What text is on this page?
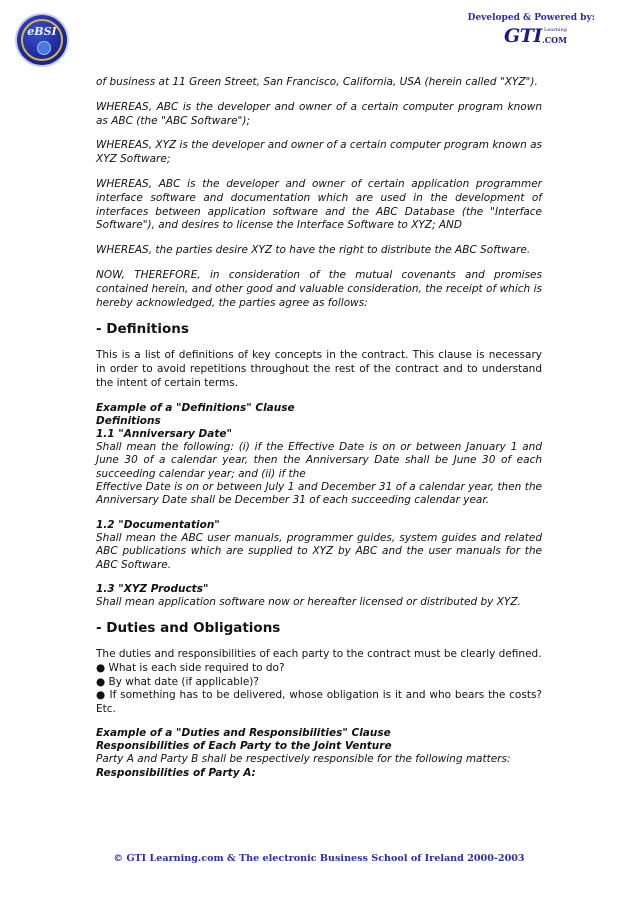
eBSI
Developed & Powered by:
GTI Learning
.COM

of business at 11 Green Street, San Francisco, California, USA (herein called "XYZ").

WHEREAS, ABC is the developer and owner of a certain computer program known as ABC (the "ABC Software");

WHEREAS, XYZ is the developer and owner of a certain computer program known as XYZ Software;

WHEREAS, ABC is the developer and owner of certain application programmer interface software and documentation which are used in the development of interfaces between application software and the ABC Database (the "Interface Software"), and desires to license the Interface Software to XYZ; AND

WHEREAS, the parties desire XYZ to have the right to distribute the ABC Software.

NOW, THEREFORE, in consideration of the mutual covenants and promises contained herein, and other good and valuable consideration, the receipt of which is hereby acknowledged, the parties agree as follows:

- Definitions

This is a list of definitions of key concepts in the contract. This clause is necessary in order to avoid repetitions throughout the rest of the contract and to understand the intent of certain terms.

Example of a "Definitions" Clause

Definitions

1.1 "Anniversary Date"

Shall mean the following: (i) if the Effective Date is on or between January 1 and June 30 of a calendar year, then the Anniversary Date shall be June 30 of each succeeding calendar year; and (ii) if the

Effective Date is on or between July 1 and December 31 of a calendar year, then the Anniversary Date shall be December 31 of each succeeding calendar year.

1.2 "Documentation"

Shall mean the ABC user manuals, programmer guides, system guides and related ABC publications which are supplied to XYZ by ABC and the user manuals for the ABC Software.

1.3 "XYZ Products"

Shall mean application software now or hereafter licensed or distributed by XYZ.

- Duties and Obligations

The duties and responsibilities of each party to the contract must be clearly defined.

● What is each side required to do?

● By what date (if applicable)?

● If something has to be delivered, whose obligation is it and who bears the costs? Etc.

Example of a "Duties and Responsibilities" Clause

Responsibilities of Each Party to the Joint Venture

Party A and Party B shall be respectively responsible for the following matters:

Responsibilities of Party A:

© GTI Learning.com & The electronic Business School of Ireland 2000-2003
